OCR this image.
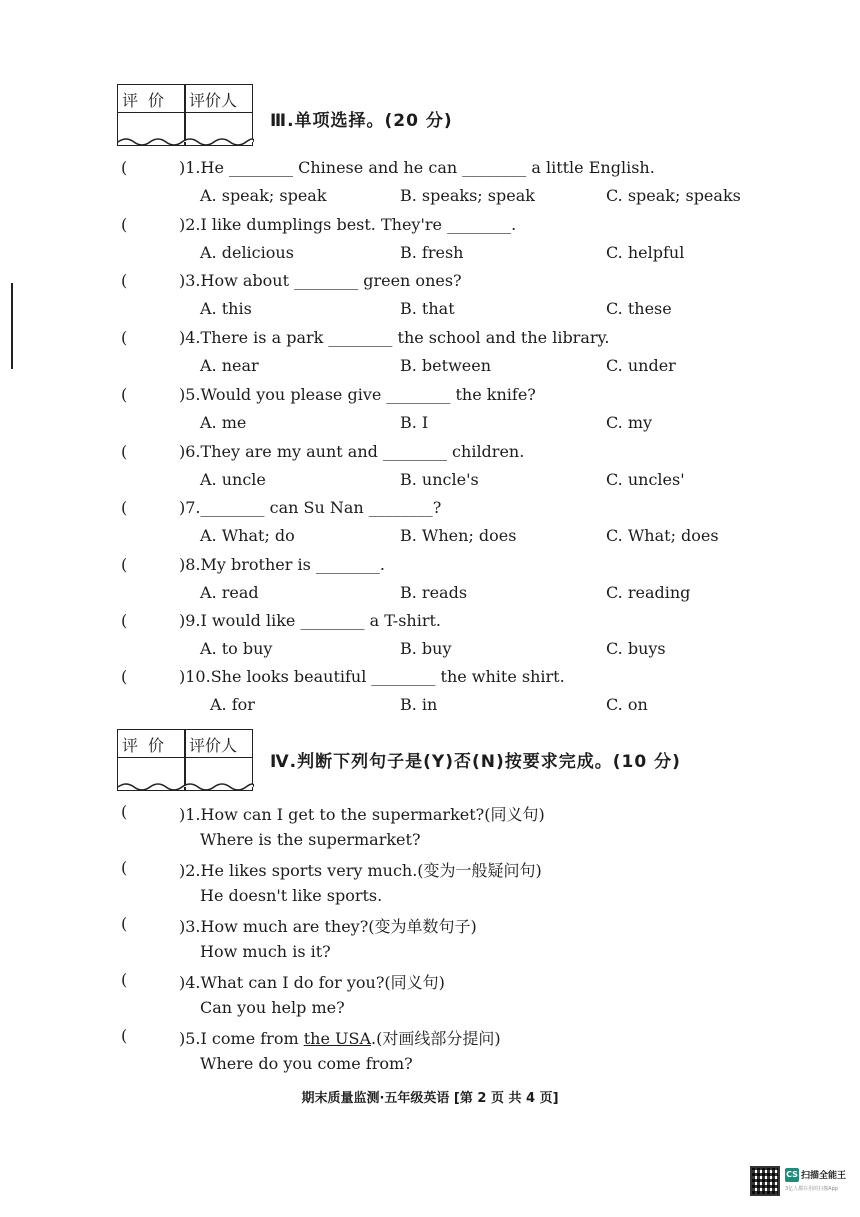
评价 评价人
Ⅲ.单项选择。(20 分)
(	)1.He ________ Chinese and he can ________ a little English.
A. speak; speak	B. speaks; speak	C. speak; speaks
(	)2.I like dumplings best. They're ________.
A. delicious	B. fresh	C. helpful
(	)3.How about ________ green ones?
A. this	B. that	C. these
(	)4.There is a park ________ the school and the library.
A. near	B. between	C. under
(	)5.Would you please give ________ the knife?
A. me	B. I	C. my
(	)6.They are my aunt and ________ children.
A. uncle	B. uncle's	C. uncles'
(	)7.________ can Su Nan ________?
A. What; do	B. When; does	C. What; does
(	)8.My brother is ________.
A. read	B. reads	C. reading
(	)9.I would like ________ a T-shirt.
A. to buy	B. buy	C. buys
(	)10.She looks beautiful ________ the white shirt.
A. for	B. in	C. on
评价 评价人
Ⅳ.判断下列句子是(Y)否(N)按要求完成。(10 分)
(	)1.How can I get to the supermarket?(同义句)
Where is the supermarket?
(	)2.He likes sports very much.(变为一般疑问句)
He doesn't like sports.
(	)3.How much are they?(变为单数句子)
How much is it?
(	)4.What can I do for you?(同义句)
Can you help me?
(	)5.I come from the USA.(对画线部分提问)
Where do you come from?
期末质量监测·五年级英语 [第 2 页 共 4 页]
CS 扫描全能王
3亿人都在用的扫描App
